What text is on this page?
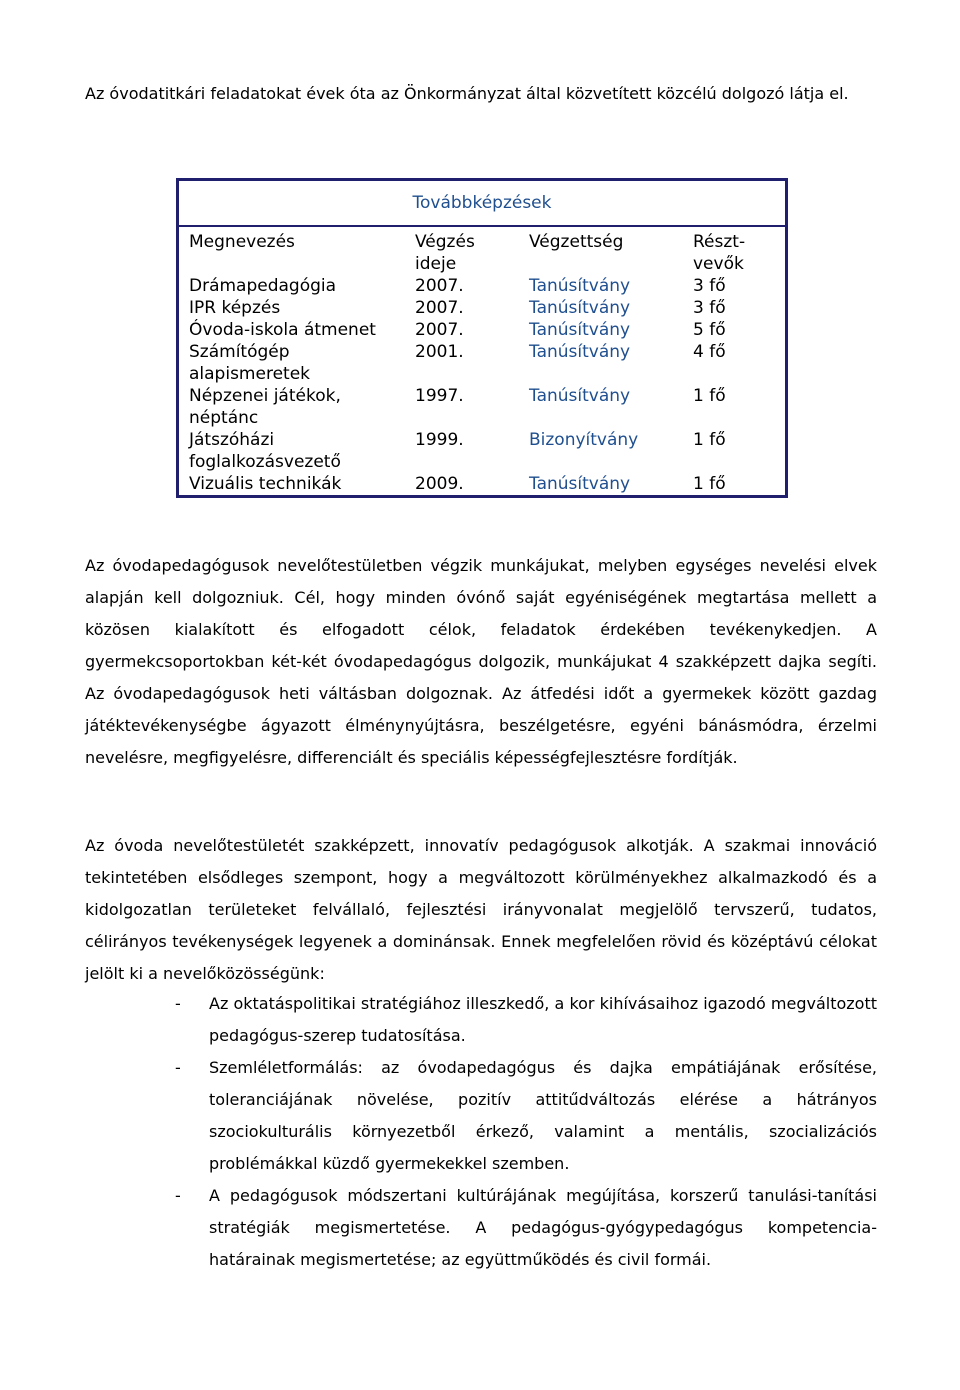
Az óvodatitkári feladatokat évek óta az Önkormányzat által közvetített közcélú dolgozó látja el.

Továbbképzések			
Megnevezés	Végzés ideje	Végzettség	Részt-vevők
Drámapedagógia	2007.	Tanúsítvány	3 fő
IPR képzés	2007.	Tanúsítvány	3 fő
Óvoda-iskola átmenet	2007.	Tanúsítvány	5 fő
Számítógép alapismeretek	2001.	Tanúsítvány	4 fő
Népzenei játékok, néptánc	1997.	Tanúsítvány	1 fő
Játszóházi foglalkozásvezető	1999.	Bizonyítvány	1 fő
Vizuális technikák	2009.	Tanúsítvány	1 fő

Az óvodapedagógusok nevelőtestületben végzik munkájukat, melyben egységes nevelési elvek alapján kell dolgozniuk. Cél, hogy minden óvónő saját egyéniségének megtartása mellett a közösen kialakított és elfogadott célok, feladatok érdekében tevékenykedjen. A gyermekcsoportokban két-két óvodapedagógus dolgozik, munkájukat 4 szakképzett dajka segíti. Az óvodapedagógusok heti váltásban dolgoznak. Az átfedési időt a gyermekek között gazdag játéktevékenységbe ágyazott élménynyújtásra, beszélgetésre, egyéni bánásmódra, érzelmi nevelésre, megfigyelésre, differenciált és speciális képességfejlesztésre fordítják.

Az óvoda nevelőtestületét szakképzett, innovatív pedagógusok alkotják. A szakmai innováció tekintetében elsődleges szempont, hogy a megváltozott körülményekhez alkalmazkodó és a kidolgozatlan területeket felvállaló, fejlesztési irányvonalat megjelölő tervszerű, tudatos, célirányos tevékenységek legyenek a dominánsak. Ennek megfelelően rövid és középtávú célokat jelölt ki a nevelőközösségünk:

- Az oktatáspolitikai stratégiához illeszkedő, a kor kihívásaihoz igazodó megváltozott pedagógus-szerep tudatosítása.
- Szemléletformálás: az óvodapedagógus és dajka empátiájának erősítése, toleranciájának növelése, pozitív attitűdváltozás elérése a hátrányos szociokulturális környezetből érkező, valamint a mentális, szocializációs problémákkal küzdő gyermekekkel szemben.
- A pedagógusok módszertani kultúrájának megújítása, korszerű tanulási-tanítási stratégiák megismertetése. A pedagógus-gyógypedagógus kompetencia-határainak megismertetése; az együttműködés és civil formái.
